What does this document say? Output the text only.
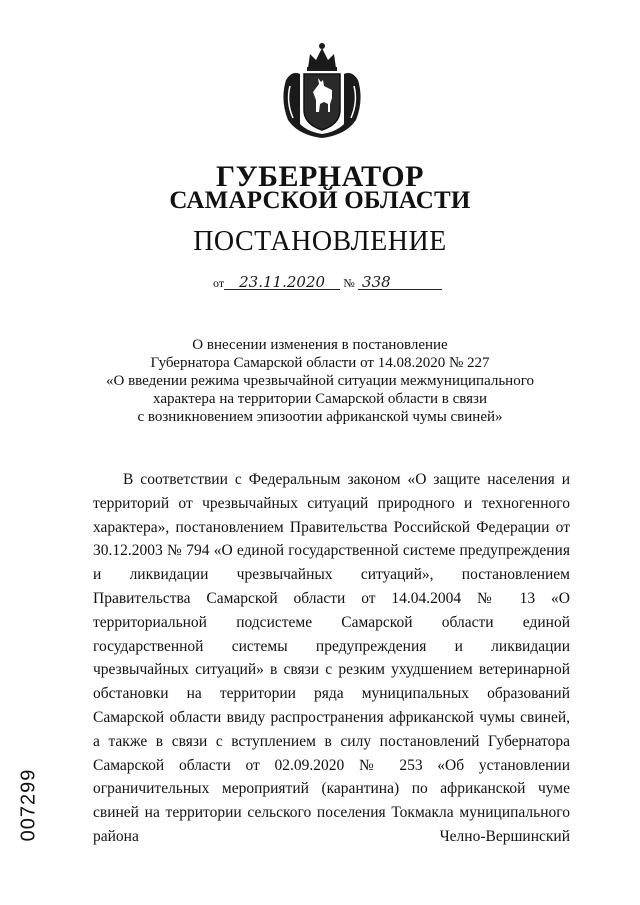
ГУБЕРНАТОР
САМАРСКОЙ ОБЛАСТИ
ПОСТАНОВЛЕНИЕ
от 23.11.2020 № 338
О внесении изменения в постановление
Губернатора Самарской области от 14.08.2020 № 227
«О введении режима чрезвычайной ситуации межмуниципального
характера на территории Самарской области в связи
с возникновением эпизоотии африканской чумы свиней»

В соответствии с Федеральным законом «О защите населения и территорий от чрезвычайных ситуаций природного и техногенного характера», постановлением Правительства Российской Федерации от 30.12.2003 № 794 «О единой государственной системе предупреждения и ликвидации чрезвычайных ситуаций», постановлением Правительства Самарской области от 14.04.2004 № 13 «О территориальной подсистеме Самарской области единой государственной системы предупреждения и ликвидации чрезвычайных ситуаций» в связи с резким ухудшением ветеринарной обстановки на территории ряда муниципальных образований Самарской области ввиду распространения африканской чумы свиней, а также в связи с вступлением в силу постановлений Губернатора Самарской области от 02.09.2020 № 253 «Об установлении ограничительных мероприятий (карантина) по африканской чуме свиней на территории сельского поселения Токмакла муниципального района Челно-Вершинский

007299
